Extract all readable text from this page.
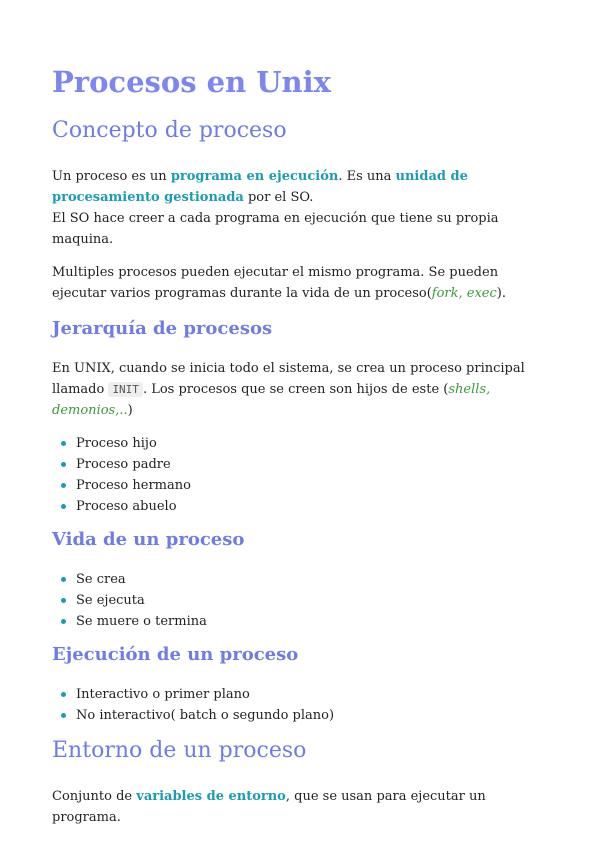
Procesos en Unix
Concepto de proceso

Un proceso es un programa en ejecución. Es una unidad de procesamiento gestionada por el SO.
El SO hace creer a cada programa en ejecución que tiene su propia maquina.

Multiples procesos pueden ejecutar el mismo programa. Se pueden ejecutar varios programas durante la vida de un proceso(fork, exec).

Jerarquía de procesos

En UNIX, cuando se inicia todo el sistema, se crea un proceso principal llamado INIT . Los procesos que se creen son hijos de este (shells, demonios,..)

Proceso hijo
Proceso padre
Proceso hermano
Proceso abuelo
Vida de un proceso
Se crea
Se ejecuta
Se muere o termina
Ejecución de un proceso
Interactivo o primer plano
No interactivo( batch o segundo plano)
Entorno de un proceso

Conjunto de variables de entorno, que se usan para ejecutar un programa.
